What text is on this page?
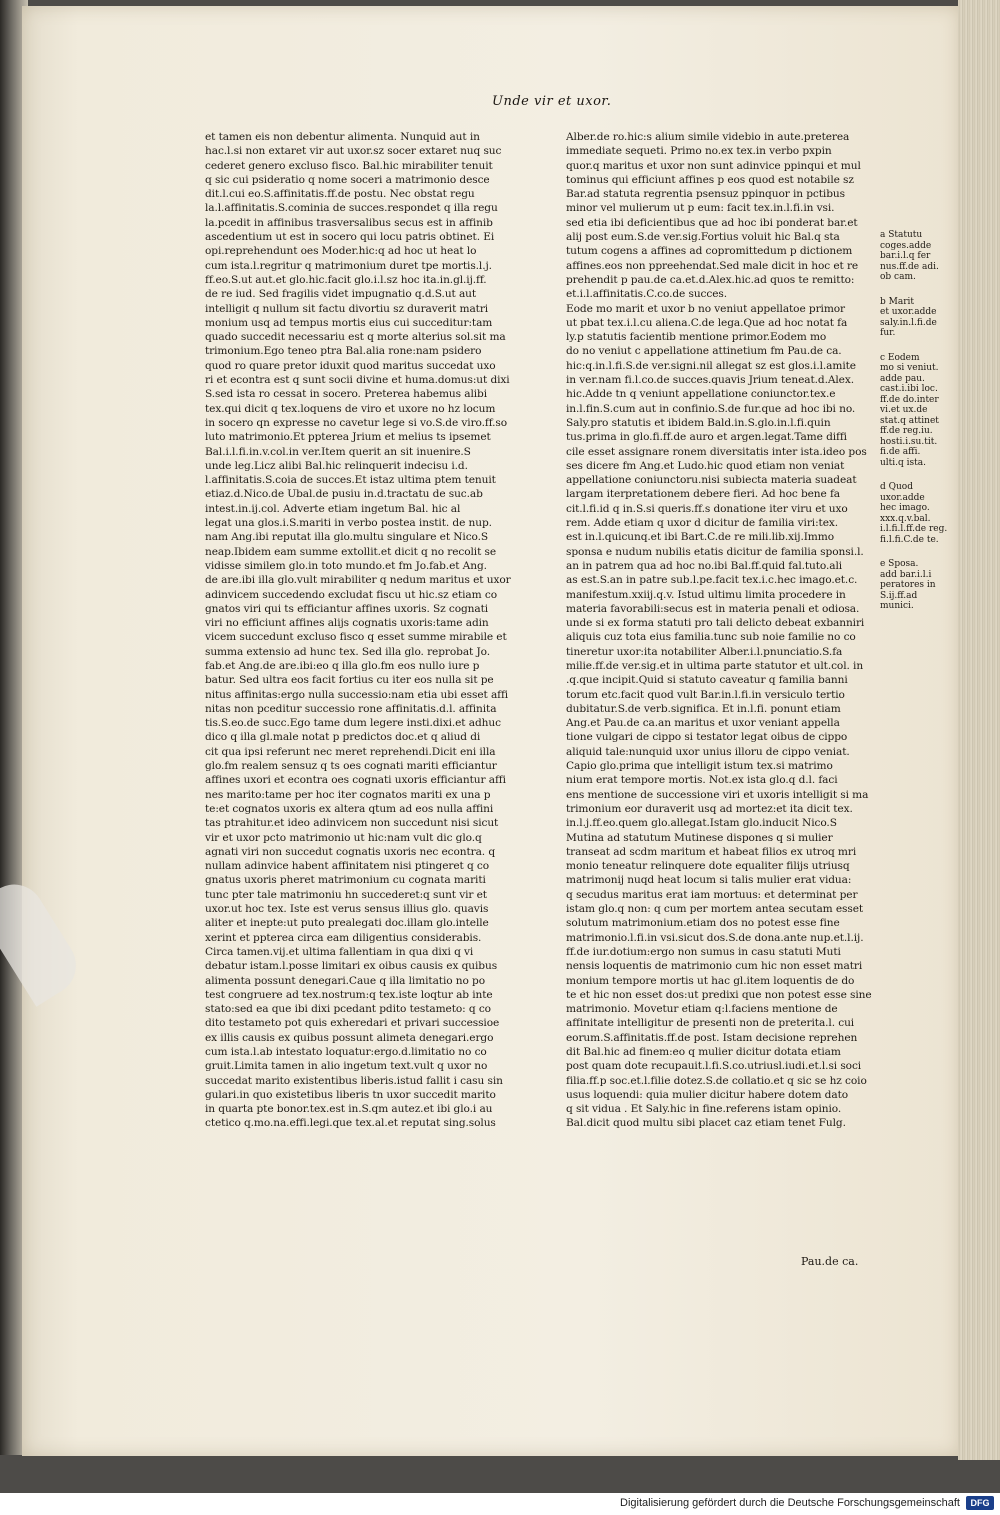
Unde vir et uxor.
et tamen eis non debentur alimenta. Nunquid aut in
hac.l.si non extaret vir aut uxor.sz socer extaret nuq suc
cederet genero excluso fisco. Bal.hic mirabiliter tenuit
q sic cui psideratio q nome soceri a matrimonio desce
dit.l.cui eo.S.affinitatis.ff.de postu. Nec obstat regu
la.l.affinitatis.S.cominia de succes.respondet q illa regu
la.pcedit in affinibus trasversalibus secus est in affinib
ascedentium ut est in socero qui locu patris obtinet. Ei
opi.reprehendunt oes Moder.hic:q ad hoc ut heat lo
cum ista.l.regritur q matrimonium duret tpe mortis.l.j.
ff.eo.S.ut aut.et glo.hic.facit glo.i.l.sz hoc ita.in.gl.ij.ff.
de re iud. Sed fragilis videt impugnatio q.d.S.ut aut
intelligit q nullum sit factu divortiu sz duraverit matri
monium usq ad tempus mortis eius cui succeditur:tam
quado succedit necessariu est q morte alterius sol.sit ma
trimonium.Ego teneo ptra Bal.alia rone:nam psidero
quod ro quare pretor iduxit quod maritus succedat uxo
ri et econtra est q sunt socii divine et huma.domus:ut dixi
S.sed ista ro cessat in socero. Preterea habemus alibi
tex.qui dicit q tex.loquens de viro et uxore no hz locum
in socero qn expresse no cavetur lege si vo.S.de viro.ff.so
luto matrimonio.Et ppterea Jrium et melius ts ipsemet
Bal.i.l.fi.in.v.col.in ver.Item querit an sit inuenire.S
unde leg.Licz alibi Bal.hic relinquerit indecisu i.d.
l.affinitatis.S.coia de succes.Et istaz ultima ptem tenuit
etiaz.d.Nico.de Ubal.de pusiu in.d.tractatu de suc.ab
intest.in.ij.col. Adverte etiam ingetum Bal. hic al
legat una glos.i.S.mariti in verbo postea instit. de nup.
nam Ang.ibi reputat illa glo.multu singulare et Nico.S
neap.Ibidem eam summe extollit.et dicit q no recolit se
vidisse similem glo.in toto mundo.et fm Jo.fab.et Ang.
de are.ibi illa glo.vult mirabiliter q nedum maritus et uxor
adinvicem succedendo excludat fiscu ut hic.sz etiam co
gnatos viri qui ts efficiantur affines uxoris. Sz cognati
viri no efficiunt affines alijs cognatis uxoris:tame adin
vicem succedunt excluso fisco q esset summe mirabile et
summa extensio ad hunc tex. Sed illa glo. reprobat Jo.
fab.et Ang.de are.ibi:eo q illa glo.fm eos nullo iure p
batur. Sed ultra eos facit fortius cu iter eos nulla sit pe
nitus affinitas:ergo nulla successio:nam etia ubi esset affi
nitas non pceditur successio rone affinitatis.d.l. affinita
tis.S.eo.de succ.Ego tame dum legere insti.dixi.et adhuc
dico q illa gl.male notat p predictos doc.et q aliud di
cit qua ipsi referunt nec meret reprehendi.Dicit eni illa
glo.fm realem sensuz q ts oes cognati mariti efficiantur
affines uxori et econtra oes cognati uxoris efficiantur affi
nes marito:tame per hoc iter cognatos mariti ex una p
te:et cognatos uxoris ex altera qtum ad eos nulla affini
tas ptrahitur.et ideo adinvicem non succedunt nisi sicut
vir et uxor pcto matrimonio ut hic:nam vult dic glo.q
agnati viri non succedut cognatis uxoris nec econtra. q
nullam adinvice habent affinitatem nisi ptingeret q co
gnatus uxoris pheret matrimonium cu cognata mariti
tunc pter tale matrimoniu hn succederet:q sunt vir et
uxor.ut hoc tex. Iste est verus sensus illius glo. quavis
aliter et inepte:ut puto prealegati doc.illam glo.intelle
xerint et ppterea circa eam diligentius considerabis.
Circa tamen.vij.et ultima fallentiam in qua dixi q vi
debatur istam.l.posse limitari ex oibus causis ex quibus
alimenta possunt denegari.Caue q illa limitatio no po
test congruere ad tex.nostrum:q tex.iste loqtur ab inte
stato:sed ea que ibi dixi pcedant pdito testameto: q co
dito testameto pot quis exheredari et privari successioe
ex illis causis ex quibus possunt alimeta denegari.ergo
cum ista.l.ab intestato loquatur:ergo.d.limitatio no co
gruit.Limita tamen in alio ingetum text.vult q uxor no
succedat marito existentibus liberis.istud fallit i casu sin
gulari.in quo existetibus liberis tn uxor succedit marito
in quarta pte bonor.tex.est in.S.qm autez.et ibi glo.i au
ctetico q.mo.na.effi.legi.que tex.al.et reputat sing.solus
Alber.de ro.hic:s alium simile videbio in aute.preterea
immediate sequeti. Primo no.ex tex.in verbo pxpin
quor.q maritus et uxor non sunt adinvice ppinqui et mul
tominus qui efficiunt affines p eos quod est notabile sz
Bar.ad statuta regrentia psensuz ppinquor in pctibus
minor vel mulierum ut p eum: facit tex.in.l.fi.in vsi.
sed etia ibi deficientibus que ad hoc ibi ponderat bar.et
alij post eum.S.de ver.sig.Fortius voluit hic Bal.q sta
tutum cogens a affines ad copromittedum p dictionem
affines.eos non ppreehendat.Sed male dicit in hoc et re
prehendit p pau.de ca.et.d.Alex.hic.ad quos te remitto:
et.i.l.affinitatis.C.co.de succes.
Eode mo marit et uxor b no veniut appellatoe primor
ut pbat tex.i.l.cu aliena.C.de lega.Que ad hoc notat fa
ly.p statutis facientib mentione primor.Eodem mo
do no veniut c appellatione attinetium fm Pau.de ca.
hic:q.in.l.fi.S.de ver.signi.nil allegat sz est glos.i.l.amite
in ver.nam fi.l.co.de succes.quavis Jrium teneat.d.Alex.
hic.Adde tn q veniunt appellatione coniunctor.tex.e
in.l.fin.S.cum aut in confinio.S.de fur.que ad hoc ibi no.
Saly.pro statutis et ibidem Bald.in.S.glo.in.l.fi.quin
tus.prima in glo.fi.ff.de auro et argen.legat.Tame diffi
cile esset assignare ronem diversitatis inter ista.ideo pos
ses dicere fm Ang.et Ludo.hic quod etiam non veniat
appellatione coniunctoru.nisi subiecta materia suadeat
largam iterpretationem debere fieri. Ad hoc bene fa
cit.l.fi.id q in.S.si queris.ff.s donatione iter viru et uxo
rem. Adde etiam q uxor d dicitur de familia viri:tex.
est in.l.quicunq.et ibi Bart.C.de re mili.lib.xij.Immo
sponsa e nudum nubilis etatis dicitur de familia sponsi.l.
an in patrem qua ad hoc no.ibi Bal.ff.quid fal.tuto.ali
as est.S.an in patre sub.l.pe.facit tex.i.c.hec imago.et.c.
manifestum.xxiij.q.v. Istud ultimu limita procedere in
materia favorabili:secus est in materia penali et odiosa.
unde si ex forma statuti pro tali delicto debeat exbanniri
aliquis cuz tota eius familia.tunc sub noie familie no co
tineretur uxor:ita notabiliter Alber.i.l.pnunciatio.S.fa
milie.ff.de ver.sig.et in ultima parte statutor et ult.col. in
.q.que incipit.Quid si statuto caveatur q familia banni
torum etc.facit quod vult Bar.in.l.fi.in versiculo tertio
dubitatur.S.de verb.significa. Et in.l.fi. ponunt etiam
Ang.et Pau.de ca.an maritus et uxor veniant appella
tione vulgari de cippo si testator legat oibus de cippo
aliquid tale:nunquid uxor unius illoru de cippo veniat.
Capio glo.prima que intelligit istum tex.si matrimo
nium erat tempore mortis. Not.ex ista glo.q d.l. faci
ens mentione de successione viri et uxoris intelligit si ma
trimonium eor duraverit usq ad mortez:et ita dicit tex.
in.l.j.ff.eo.quem glo.allegat.Istam glo.inducit Nico.S
Mutina ad statutum Mutinese dispones q si mulier
transeat ad scdm maritum et habeat filios ex utroq mri
monio teneatur relinquere dote equaliter filijs utriusq
matrimonij nuqd heat locum si talis mulier erat vidua:
q secudus maritus erat iam mortuus: et determinat per
istam glo.q non: q cum per mortem antea secutam esset
solutum matrimonium.etiam dos no potest esse fine
matrimonio.l.fi.in vsi.sicut dos.S.de dona.ante nup.et.l.ij.
ff.de iur.dotium:ergo non sumus in casu statuti Muti
nensis loquentis de matrimonio cum hic non esset matri
monium tempore mortis ut hac gl.item loquentis de do
te et hic non esset dos:ut predixi que non potest esse sine
matrimonio. Movetur etiam q:l.faciens mentione de
affinitate intelligitur de presenti non de preterita.l. cui
eorum.S.affinitatis.ff.de post. Istam decisione reprehen
dit Bal.hic ad finem:eo q mulier dicitur dotata etiam
post quam dote recupauit.l.fi.S.co.utriusl.iudi.et.l.si soci
filia.ff.p soc.et.l.filie dotez.S.de collatio.et q sic se hz coio
usus loquendi: quia mulier dicitur habere dotem dato
q sit vidua . Et Saly.hic in fine.referens istam opinio.
Bal.dicit quod multu sibi placet caz etiam tenet Fulg.
a Statutu
coges.adde
bar.i.l.q fer
nus.ff.de adi.
ob cam.
b Marit
et uxor.adde
saly.in.l.fi.de
fur.
c Eodem
mo si veniut.
adde pau.
cast.i.ibi loc.
ff.de do.inter
vi.et ux.de
stat.q attinet
ff.de reg.iu.
hosti.i.su.tit.
fi.de affi.
ulti.q ista.
d Quod
uxor.adde
hec imago.
xxx.q.v.bal.
i.l.fi.l.ff.de reg.
fi.l.fi.C.de te.
e Sposa.
add bar.i.l.i
peratores in
S.ij.ff.ad
munici.
Pau.de ca.
Digitalisierung gefördert durch die Deutsche Forschungsgemeinschaft	DFG
